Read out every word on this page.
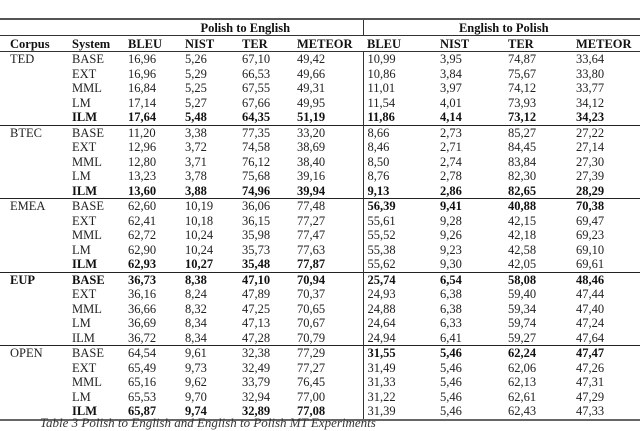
		Polish to English				English to Polish			
Corpus	System	BLEU	NIST	TER	METEOR	BLEU	NIST	TER	METEOR
TED	BASE	16,96	5,26	67,10	49,42	10,99	3,95	74,87	33,64
	EXT	16,96	5,29	66,53	49,66	10,86	3,84	75,67	33,80
	MML	16,84	5,25	67,55	49,31	11,01	3,97	74,12	33,77
	LM	17,14	5,27	67,66	49,95	11,54	4,01	73,93	34,12
	ILM	17,64	5,48	64,35	51,19	11,86	4,14	73,12	34,23
BTEC	BASE	11,20	3,38	77,35	33,20	8,66	2,73	85,27	27,22
	EXT	12,96	3,72	74,58	38,69	8,46	2,71	84,45	27,14
	MML	12,80	3,71	76,12	38,40	8,50	2,74	83,84	27,30
	LM	13,23	3,78	75,68	39,16	8,76	2,78	82,30	27,39
	ILM	13,60	3,88	74,96	39,94	9,13	2,86	82,65	28,29
EMEA	BASE	62,60	10,19	36,06	77,48	56,39	9,41	40,88	70,38
	EXT	62,41	10,18	36,15	77,27	55,61	9,28	42,15	69,47
	MML	62,72	10,24	35,98	77,47	55,52	9,26	42,18	69,23
	LM	62,90	10,24	35,73	77,63	55,38	9,23	42,58	69,10
	ILM	62,93	10,27	35,48	77,87	55,62	9,30	42,05	69,61
EUP	BASE	36,73	8,38	47,10	70,94	25,74	6,54	58,08	48,46
	EXT	36,16	8,24	47,89	70,37	24,93	6,38	59,40	47,44
	MML	36,66	8,32	47,25	70,65	24,88	6,38	59,34	47,40
	LM	36,69	8,34	47,13	70,67	24,64	6,33	59,74	47,24
	ILM	36,72	8,34	47,28	70,79	24,94	6,41	59,27	47,64
OPEN	BASE	64,54	9,61	32,38	77,29	31,55	5,46	62,24	47,47
	EXT	65,49	9,73	32,49	77,27	31,49	5,46	62,06	47,26
	MML	65,16	9,62	33,79	76,45	31,33	5,46	62,13	47,31
	LM	65,53	9,70	32,94	77,00	31,22	5,46	62,61	47,29
	ILM	65,87	9,74	32,89	77,08	31,39	5,46	62,43	47,33
Table 3 Polish to English and English to Polish MT Experiments
